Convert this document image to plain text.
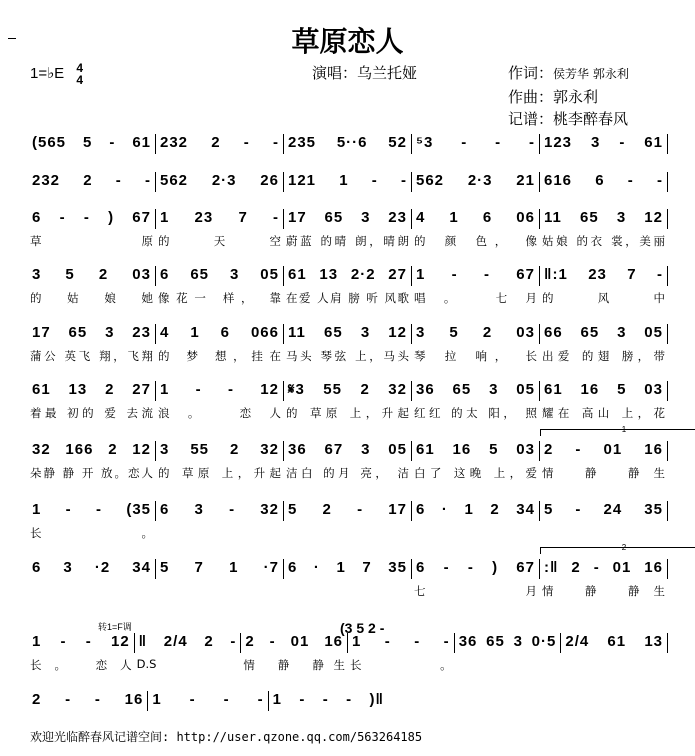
草原恋人
1=♭E 4
4	演唱：乌兰托娅	作词：侯芳华 郭永利
作曲：郭永利
记谱：桃李醉春风
转1=F调	(3 5 2 -
(565 5 - 61 232 2 - - 235 5··6 52 ⁵3  -  -  - 123 3 - 61
232 2 - - 562 2·3 26 121 1 - - 562 2·3 21 616 6 - -
6 - - ) 67
草原
1 23 7 -
的 天 空
17 65 3 23
蔚蓝 的晴 朗，晴朗
4 1 6 06
的 颜 色， 像
11 65 3 12
姑娘 的衣 裳，美丽
3 5 2 03
的 姑 娘 她
6 65 3 05
像花一 样， 靠
61 13 2·2 27
在爱 人肩 膀 听 风歌
1 - - 67
唱。 七月
‖:1 23 7 -
的 风 中
17 65 3 23
蒲公 英飞 翔，飞翔
4 1 6 066
的 梦 想，挂在
11 65 3 12
马头 琴弦 上，马头
3 5 2 03
琴 拉 响， 长
66 65 3 05
出爱 的翅 膀，带
61 13 2 27
着最 初的 爱 去流
1 - - 12
浪。 恋人
𝄋3 55 2 32
的 草原 上，升起
36 65 3 05
红红 的太 阳， 照
61 16 5 03
耀在 高山 上，花
32 166 2 12
朵静 静 开 放。恋人
3 55 2 32
的 草原 上，升起
36 67 3 05
洁白 的月 亮， 洁
61 16 5 03
白了 这晚 上，爱
2 - 01 16
情 静 静生
1
1 - - (35
长。
6 3 - 32 5 2 - 17 6 · 1 2 34 5 - 24 35
6 3 ·2 34 5 7 1 ·7 6 · 1 7 35 6 - - ) 67
七月
:‖ 2 - 01 16
情 静 静生
2
1 - - 12
长。 恋人
‖ 2/4 2 -
D.S
2 - 01 16
情 静 静生
1 - - -
长。
36 65 3 0·5 2/4 61 13
2 - - 16 1 - - - 1 - - - )‖
欢迎光临醉春风记谱空间: http://user.qzone.qq.com/563264185
